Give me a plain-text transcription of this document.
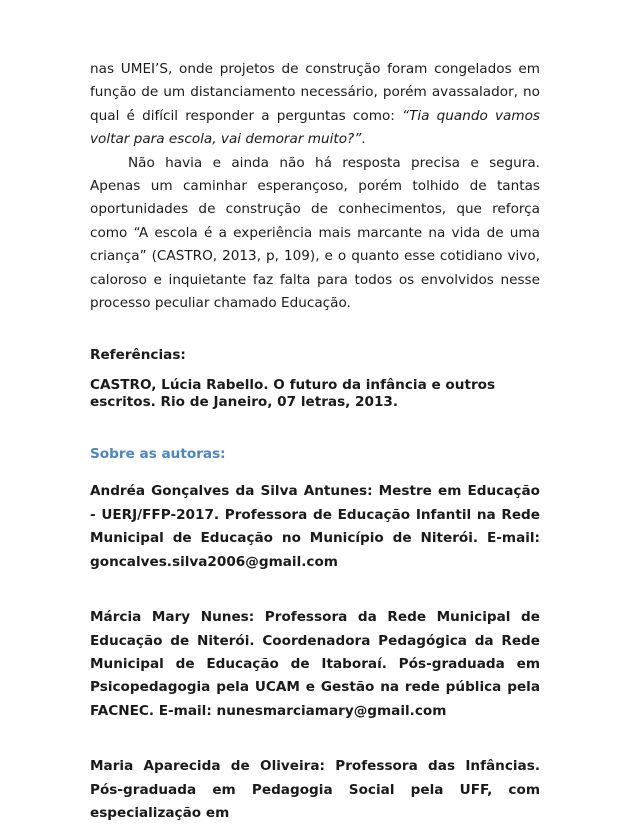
nas UMEI’S, onde projetos de construção foram congelados em função de um distanciamento necessário, porém avassalador, no qual é difícil responder a perguntas como: “Tia quando vamos voltar para escola, vai demorar muito?”.

Não havia e ainda não há resposta precisa e segura. Apenas um caminhar esperançoso, porém tolhido de tantas oportunidades de construção de conhecimentos, que reforça como “A escola é a experiência mais marcante na vida de uma criança” (CASTRO, 2013, p, 109), e o quanto esse cotidiano vivo, caloroso e inquietante faz falta para todos os envolvidos nesse processo peculiar chamado Educação.

Referências:

CASTRO, Lúcia Rabello. O futuro da infância e outros escritos. Rio de Janeiro, 07 letras, 2013.

Sobre as autoras:

Andréa Gonçalves da Silva Antunes: Mestre em Educação - UERJ/FFP-2017. Professora de Educação Infantil na Rede Municipal de Educação no Município de Niterói. E-mail: goncalves.silva2006@gmail.com

Márcia Mary Nunes: Professora da Rede Municipal de Educação de Niterói. Coordenadora Pedagógica da Rede Municipal de Educação de Itaboraí. Pós-graduada em Psicopedagogia pela UCAM e Gestão na rede pública pela FACNEC. E-mail: nunesmarciamary@gmail.com

Maria Aparecida de Oliveira: Professora das Infâncias. Pós-graduada em Pedagogia Social pela UFF, com especialização em
